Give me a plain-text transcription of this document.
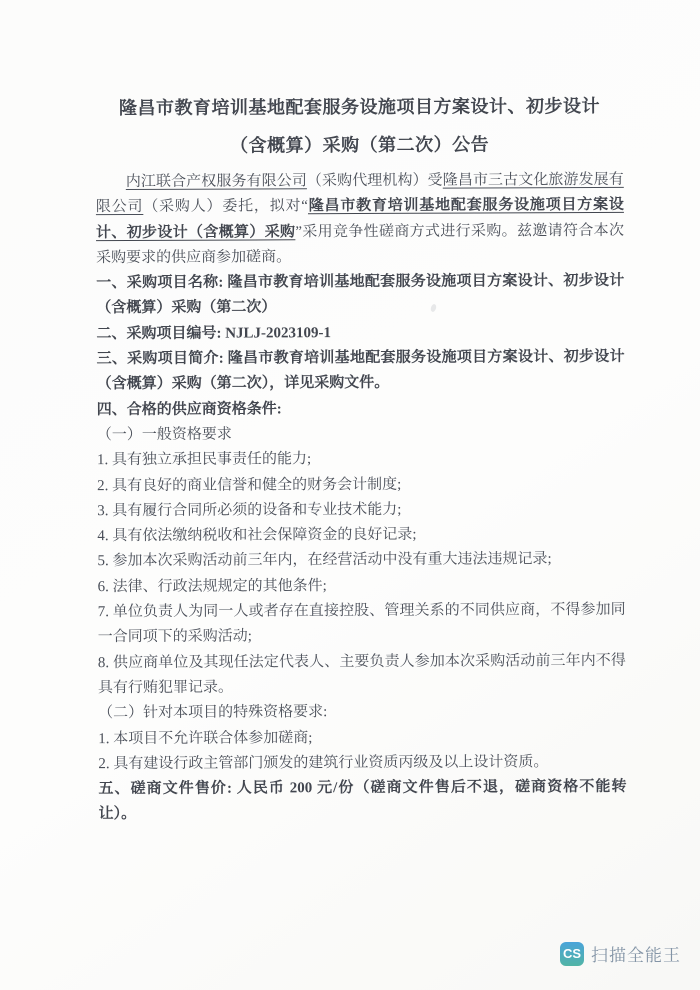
隆昌市教育培训基地配套服务设施项目方案设计、初步设计（含概算）采购（第二次）公告

内江联合产权服务有限公司（采购代理机构）受隆昌市三古文化旅游发展有限公司（采购人）委托，拟对“隆昌市教育培训基地配套服务设施项目方案设计、初步设计（含概算）采购”采用竞争性磋商方式进行采购。兹邀请符合本次采购要求的供应商参加磋商。

一、采购项目名称: 隆昌市教育培训基地配套服务设施项目方案设计、初步设计（含概算）采购（第二次）

二、采购项目编号: NJLJ-2023109-1

三、采购项目简介: 隆昌市教育培训基地配套服务设施项目方案设计、初步设计（含概算）采购（第二次），详见采购文件。

四、合格的供应商资格条件:

（一）一般资格要求

1. 具有独立承担民事责任的能力;

2. 具有良好的商业信誉和健全的财务会计制度;

3. 具有履行合同所必须的设备和专业技术能力;

4. 具有依法缴纳税收和社会保障资金的良好记录;

5. 参加本次采购活动前三年内，在经营活动中没有重大违法违规记录;

6. 法律、行政法规规定的其他条件;

7. 单位负责人为同一人或者存在直接控股、管理关系的不同供应商，不得参加同一合同项下的采购活动;

8. 供应商单位及其现任法定代表人、主要负责人参加本次采购活动前三年内不得具有行贿犯罪记录。

（二）针对本项目的特殊资格要求:

1. 本项目不允许联合体参加磋商;

2. 具有建设行政主管部门颁发的建筑行业资质丙级及以上设计资质。

五、磋商文件售价: 人民币 200 元/份（磋商文件售后不退，磋商资格不能转让）。

CS 扫描全能王
